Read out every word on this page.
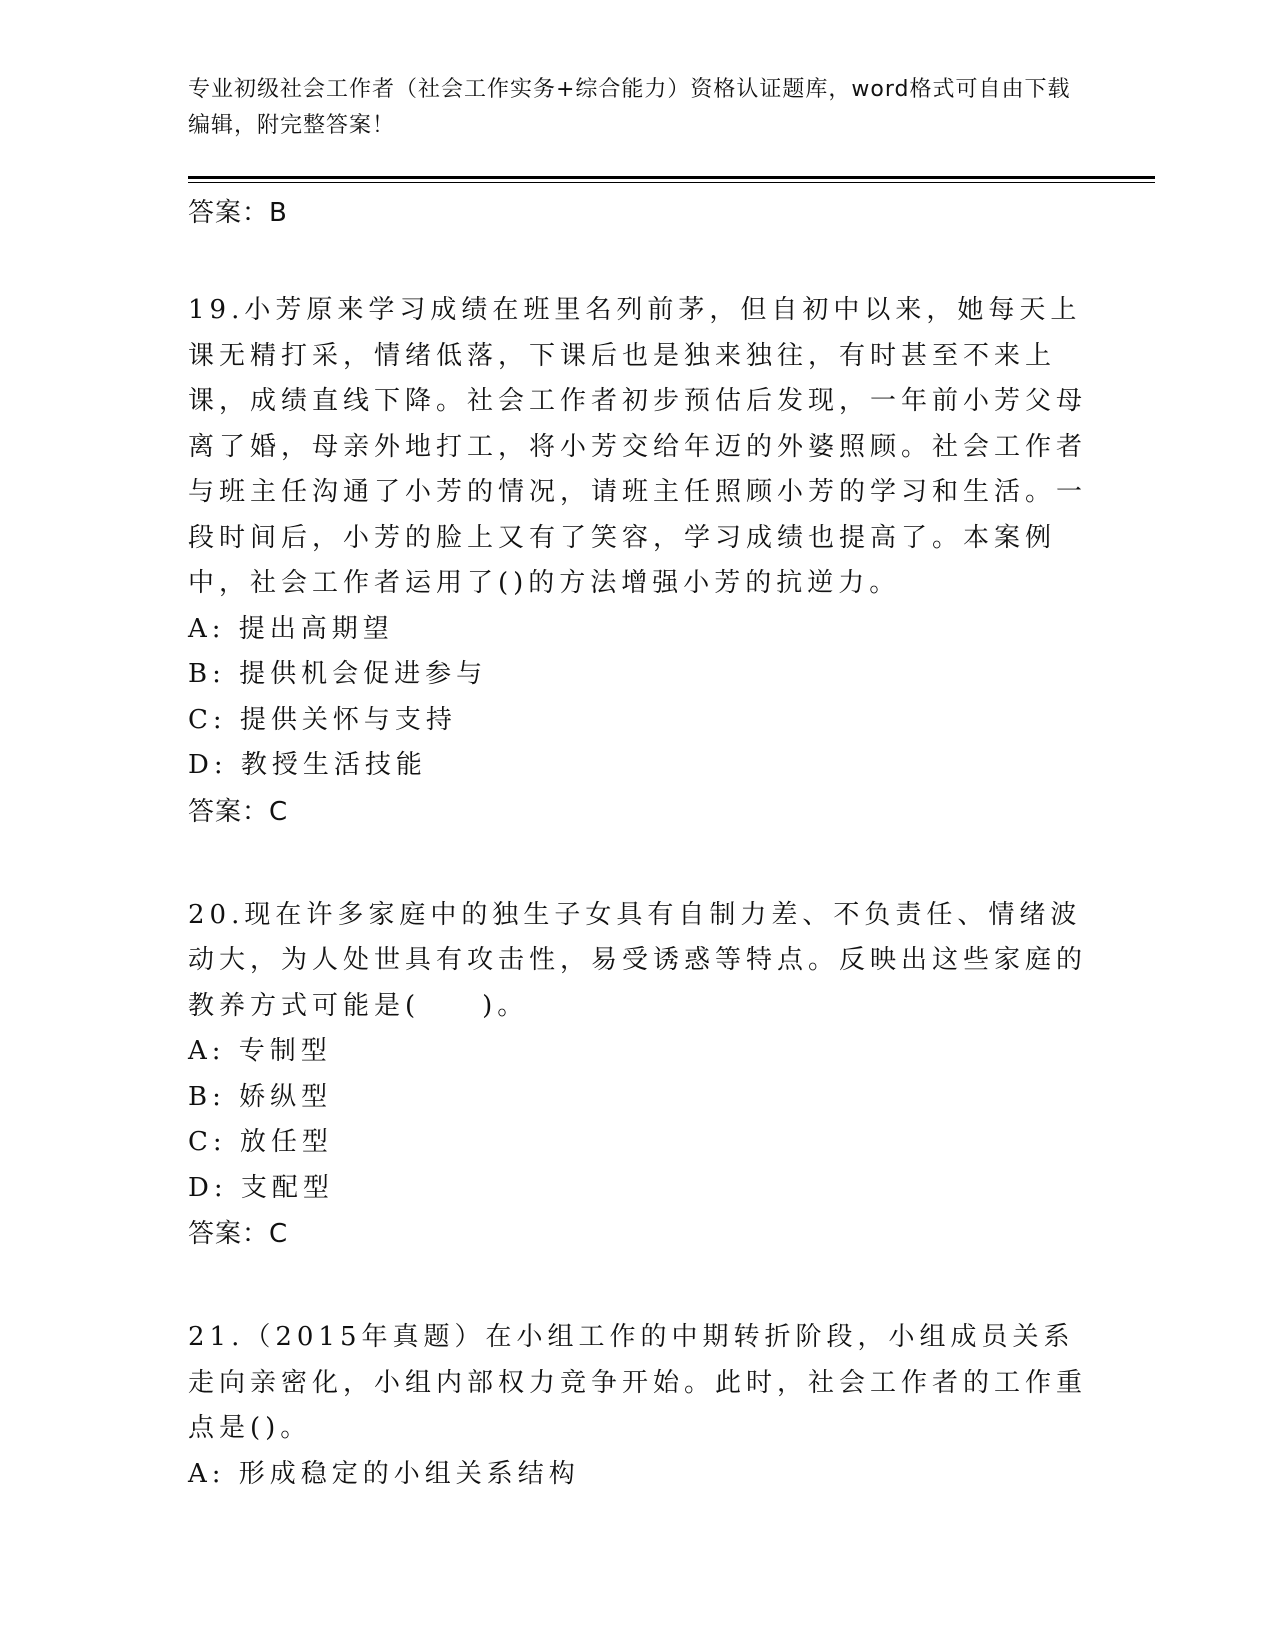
专业初级社会工作者（社会工作实务+综合能力）资格认证题库，word格式可自由下载编辑，附完整答案！

答案：B

19.小芳原来学习成绩在班里名列前茅，但自初中以来，她每天上课无精打采，情绪低落，下课后也是独来独往，有时甚至不来上课，成绩直线下降。社会工作者初步预估后发现，一年前小芳父母离了婚，母亲外地打工，将小芳交给年迈的外婆照顾。社会工作者与班主任沟通了小芳的情况，请班主任照顾小芳的学习和生活。一段时间后，小芳的脸上又有了笑容，学习成绩也提高了。本案例中，社会工作者运用了()的方法增强小芳的抗逆力。

A: 提出高期望

B: 提供机会促进参与

C: 提供关怀与支持

D: 教授生活技能

答案：C

20.现在许多家庭中的独生子女具有自制力差、不负责任、情绪波动大，为人处世具有攻击性，易受诱惑等特点。反映出这些家庭的教养方式可能是(　　)。

A: 专制型

B: 娇纵型

C: 放任型

D: 支配型

答案：C

21.（2015年真题）在小组工作的中期转折阶段，小组成员关系走向亲密化，小组内部权力竞争开始。此时，社会工作者的工作重点是()。

A: 形成稳定的小组关系结构
